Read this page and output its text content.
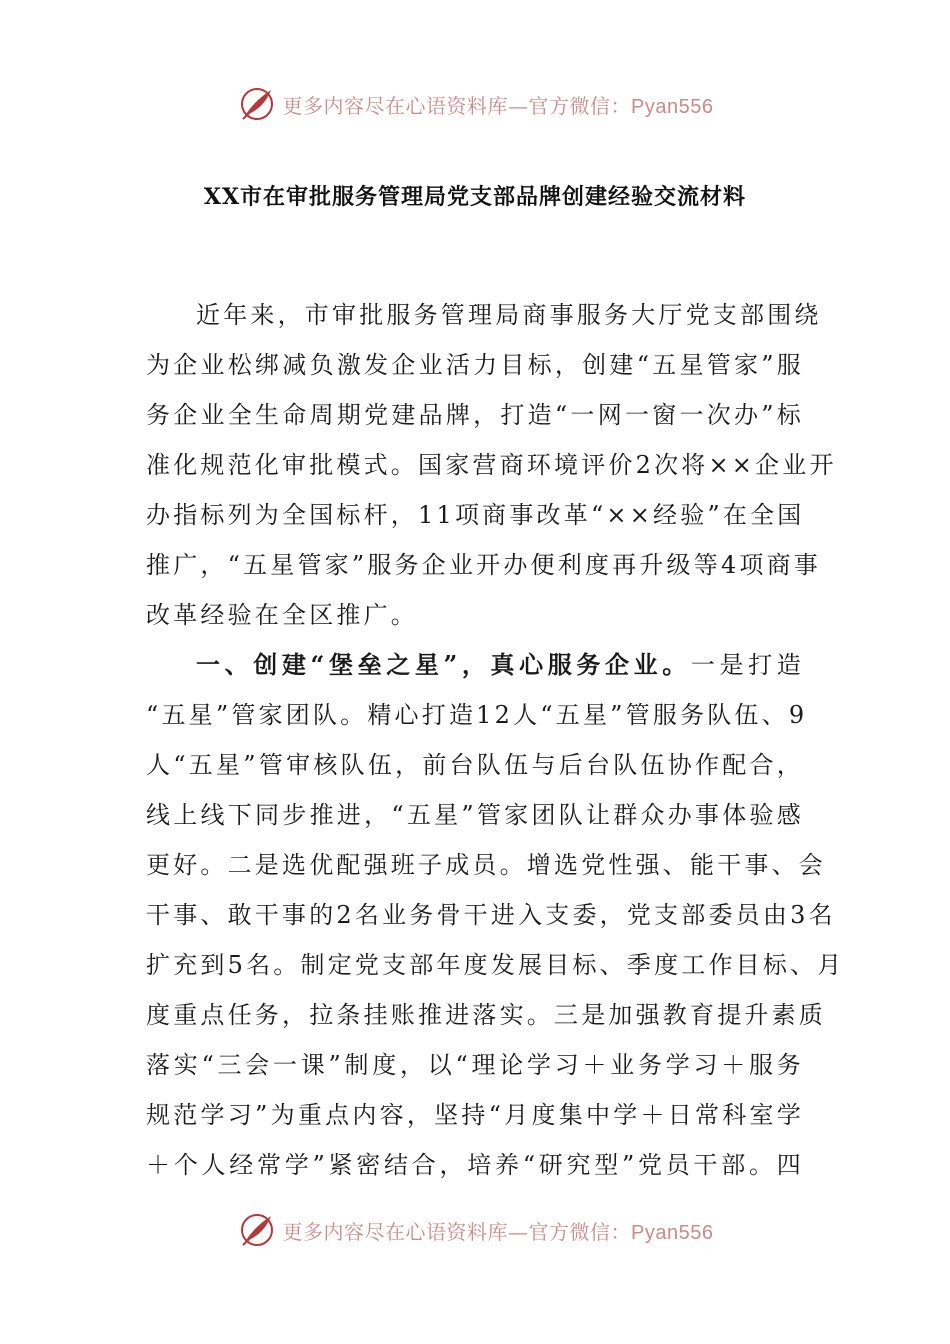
更多内容尽在心语资料库—官方微信：Pyan556
XX市在审批服务管理局党支部品牌创建经验交流材料
近年来，市审批服务管理局商事服务大厅党支部围绕
为企业松绑减负激发企业活力目标，创建“五星管家”服
务企业全生命周期党建品牌，打造“一网一窗一次办”标
准化规范化审批模式。国家营商环境评价2次将××企业开
办指标列为全国标杆，11项商事改革“××经验”在全国
推广，“五星管家”服务企业开办便利度再升级等4项商事
改革经验在全区推广。
一、创建“堡垒之星”，真心服务企业。一是打造
“五星”管家团队。精心打造12人“五星”管服务队伍、9
人“五星”管审核队伍，前台队伍与后台队伍协作配合，
线上线下同步推进，“五星”管家团队让群众办事体验感
更好。二是选优配强班子成员。增选党性强、能干事、会
干事、敢干事的2名业务骨干进入支委，党支部委员由3名
扩充到5名。制定党支部年度发展目标、季度工作目标、月
度重点任务，拉条挂账推进落实。三是加强教育提升素质
落实“三会一课”制度，以“理论学习＋业务学习＋服务
规范学习”为重点内容，坚持“月度集中学＋日常科室学
＋个人经常学”紧密结合，培养“研究型”党员干部。四
更多内容尽在心语资料库—官方微信：Pyan556
